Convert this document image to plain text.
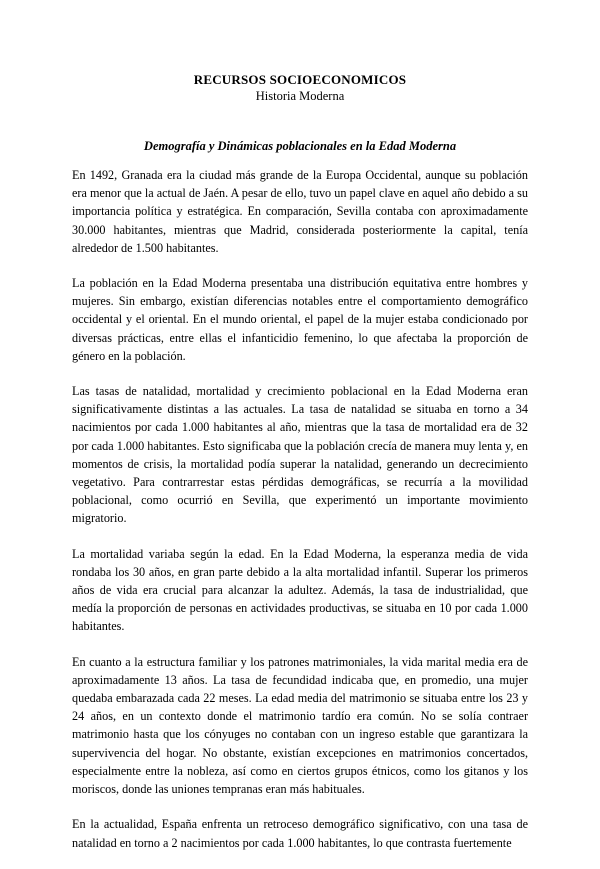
RECURSOS SOCIOECONOMICOS
Historia Moderna
Demografía y Dinámicas poblacionales en la Edad Moderna

En 1492, Granada era la ciudad más grande de la Europa Occidental, aunque su población era menor que la actual de Jaén. A pesar de ello, tuvo un papel clave en aquel año debido a su importancia política y estratégica. En comparación, Sevilla contaba con aproximadamente 30.000 habitantes, mientras que Madrid, considerada posteriormente la capital, tenía alrededor de 1.500 habitantes.

La población en la Edad Moderna presentaba una distribución equitativa entre hombres y mujeres. Sin embargo, existían diferencias notables entre el comportamiento demográfico occidental y el oriental. En el mundo oriental, el papel de la mujer estaba condicionado por diversas prácticas, entre ellas el infanticidio femenino, lo que afectaba la proporción de género en la población.

Las tasas de natalidad, mortalidad y crecimiento poblacional en la Edad Moderna eran significativamente distintas a las actuales. La tasa de natalidad se situaba en torno a 34 nacimientos por cada 1.000 habitantes al año, mientras que la tasa de mortalidad era de 32 por cada 1.000 habitantes. Esto significaba que la población crecía de manera muy lenta y, en momentos de crisis, la mortalidad podía superar la natalidad, generando un decrecimiento vegetativo. Para contrarrestar estas pérdidas demográficas, se recurría a la movilidad poblacional, como ocurrió en Sevilla, que experimentó un importante movimiento migratorio.

La mortalidad variaba según la edad. En la Edad Moderna, la esperanza media de vida rondaba los 30 años, en gran parte debido a la alta mortalidad infantil. Superar los primeros años de vida era crucial para alcanzar la adultez. Además, la tasa de industrialidad, que medía la proporción de personas en actividades productivas, se situaba en 10 por cada 1.000 habitantes.

En cuanto a la estructura familiar y los patrones matrimoniales, la vida marital media era de aproximadamente 13 años. La tasa de fecundidad indicaba que, en promedio, una mujer quedaba embarazada cada 22 meses. La edad media del matrimonio se situaba entre los 23 y 24 años, en un contexto donde el matrimonio tardío era común. No se solía contraer matrimonio hasta que los cónyuges no contaban con un ingreso estable que garantizara la supervivencia del hogar. No obstante, existían excepciones en matrimonios concertados, especialmente entre la nobleza, así como en ciertos grupos étnicos, como los gitanos y los moriscos, donde las uniones tempranas eran más habituales.

En la actualidad, España enfrenta un retroceso demográfico significativo, con una tasa de natalidad en torno a 2 nacimientos por cada 1.000 habitantes, lo que contrasta fuertemente
